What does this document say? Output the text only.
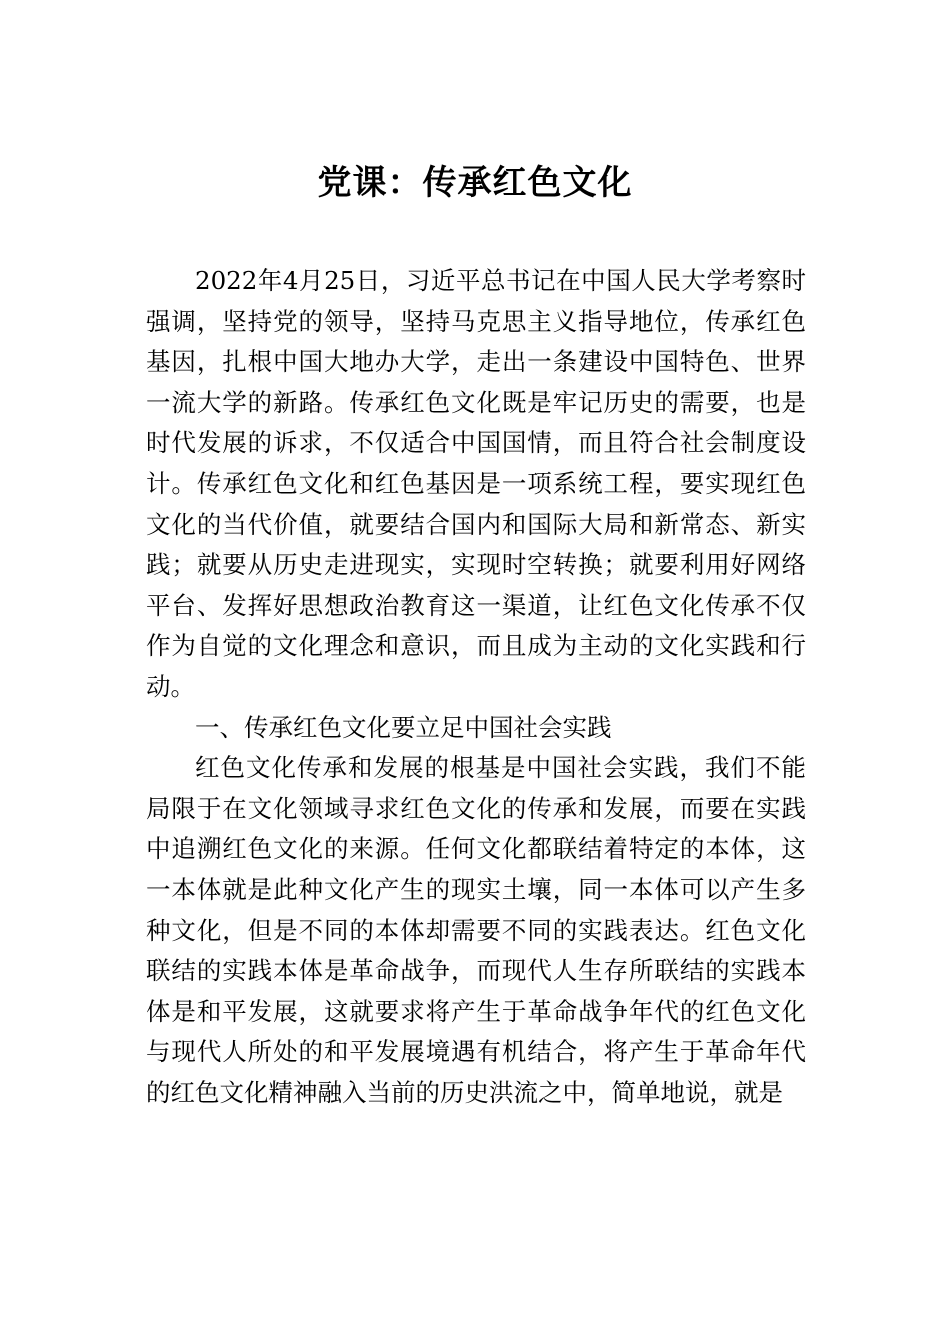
党课：传承红色文化

2022年4月25日，习近平总书记在中国人民大学考察时强调，坚持党的领导，坚持马克思主义指导地位，传承红色基因，扎根中国大地办大学，走出一条建设中国特色、世界一流大学的新路。传承红色文化既是牢记历史的需要，也是时代发展的诉求，不仅适合中国国情，而且符合社会制度设计。传承红色文化和红色基因是一项系统工程，要实现红色文化的当代价值，就要结合国内和国际大局和新常态、新实践；就要从历史走进现实，实现时空转换；就要利用好网络平台、发挥好思想政治教育这一渠道，让红色文化传承不仅作为自觉的文化理念和意识，而且成为主动的文化实践和行动。

一、传承红色文化要立足中国社会实践

红色文化传承和发展的根基是中国社会实践，我们不能局限于在文化领域寻求红色文化的传承和发展，而要在实践中追溯红色文化的来源。任何文化都联结着特定的本体，这一本体就是此种文化产生的现实土壤，同一本体可以产生多种文化，但是不同的本体却需要不同的实践表达。红色文化联结的实践本体是革命战争，而现代人生存所联结的实践本体是和平发展，这就要求将产生于革命战争年代的红色文化与现代人所处的和平发展境遇有机结合，将产生于革命年代的红色文化精神融入当前的历史洪流之中，简单地说，就是
